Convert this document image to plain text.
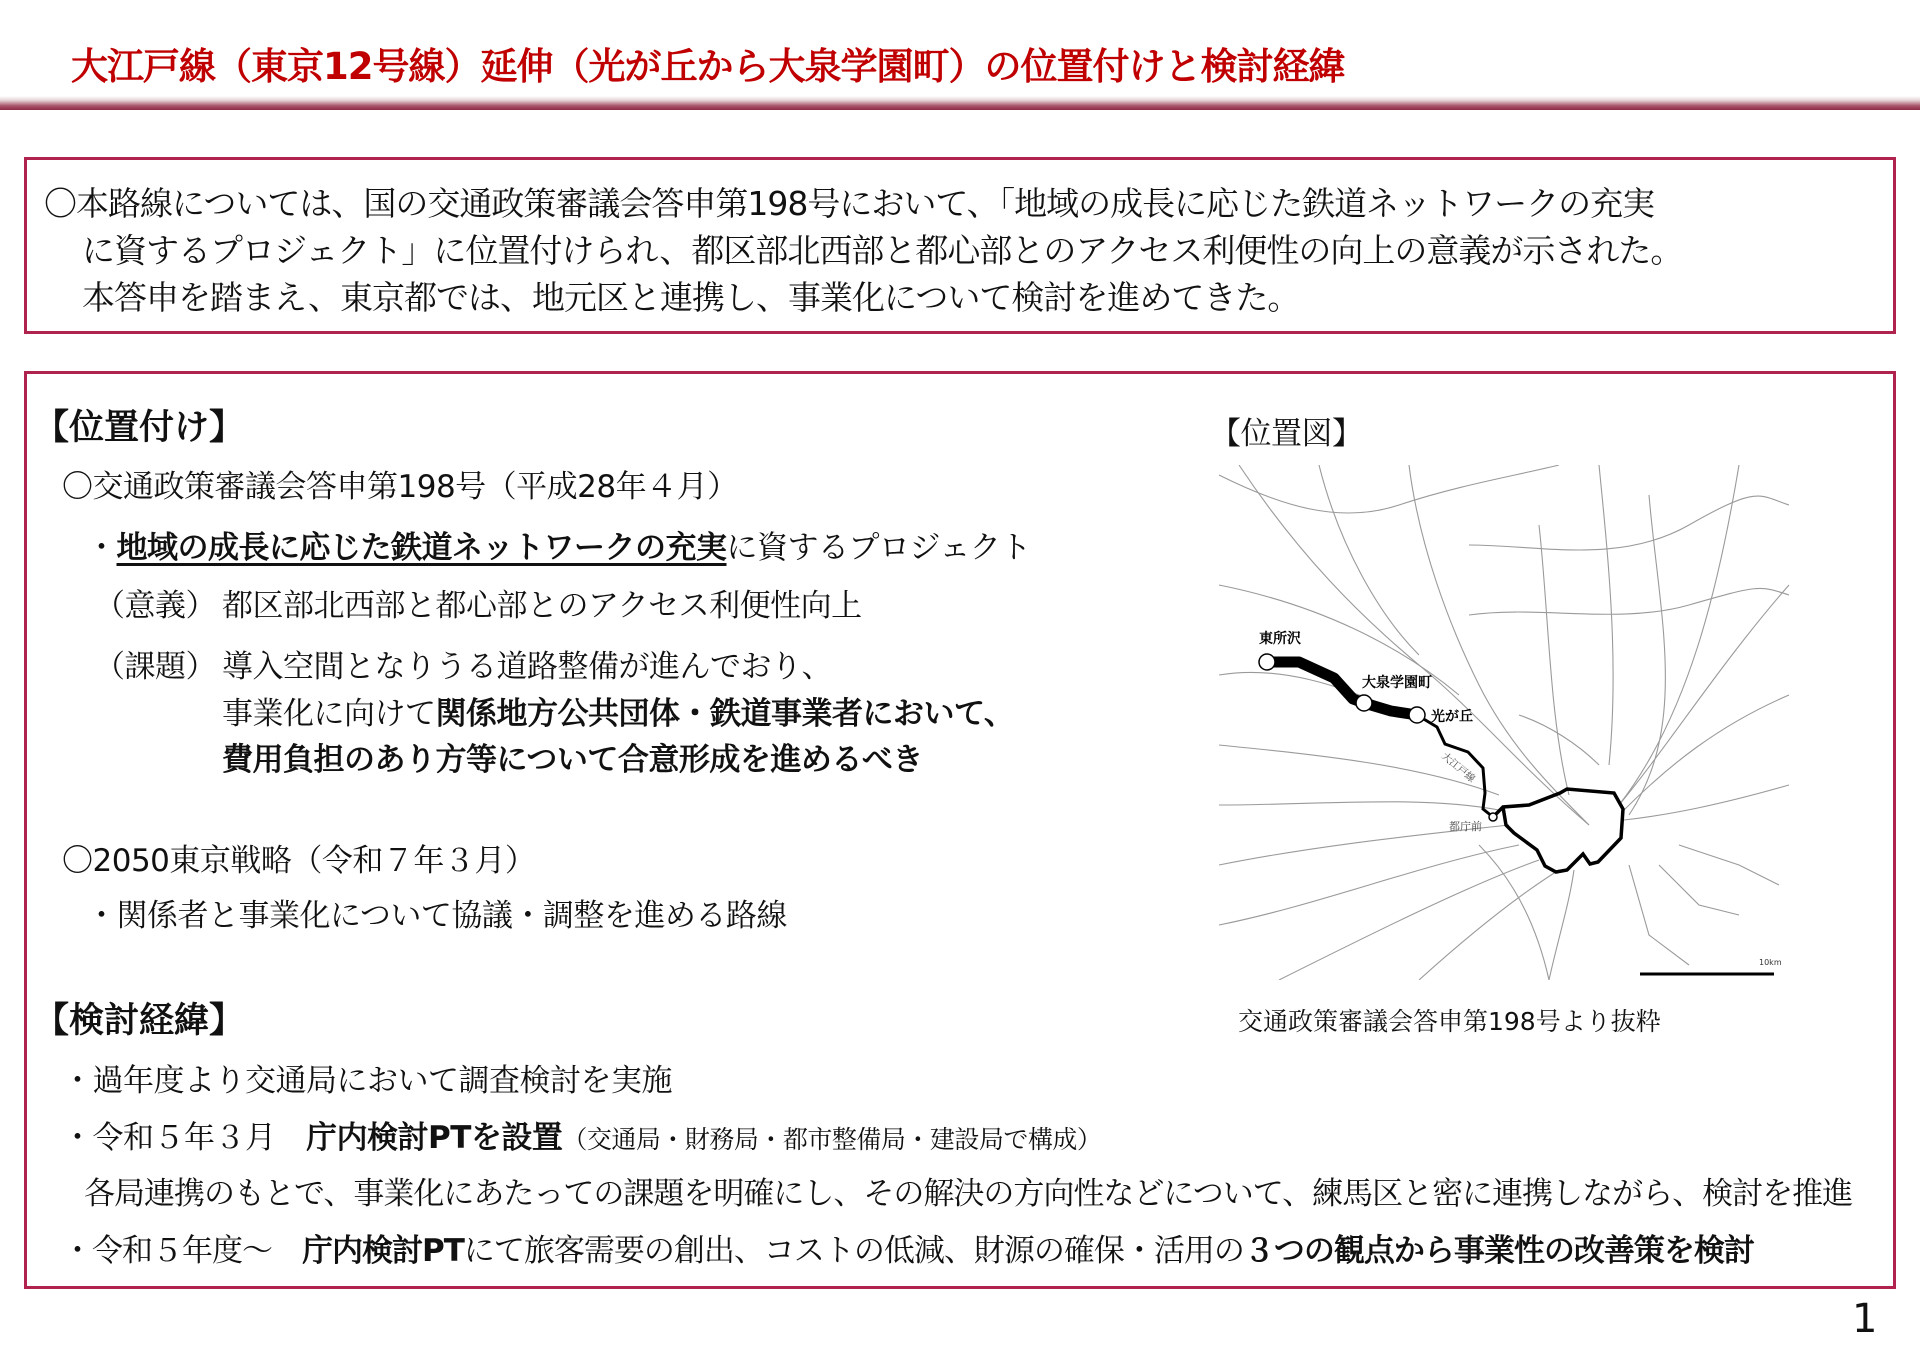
大江戸線（東京12号線）延伸（光が丘から大泉学園町）の位置付けと検討経緯
〇本路線については、国の交通政策審議会答申第198号において、「地域の成長に応じた鉄道ネットワークの充実
に資するプロジェクト」に位置付けられ、都区部北西部と都心部とのアクセス利便性の向上の意義が示された。
本答申を踏まえ、東京都では、地元区と連携し、事業化について検討を進めてきた。
【位置付け】
〇交通政策審議会答申第198号（平成28年４月）
・地域の成長に応じた鉄道ネットワークの充実に資するプロジェクト
（意義） 都区部北西部と都心部とのアクセス利便性向上
（課題） 導入空間となりうる道路整備が進んでおり、
事業化に向けて関係地方公共団体・鉄道事業者において、
費用負担のあり方等について合意形成を進めるべき
〇2050東京戦略（令和７年３月）
・関係者と事業化について協議・調整を進める路線
【位置図】
東所沢
大泉学園町
光が丘
都庁前
大江戸線
10km
交通政策審議会答申第198号より抜粋
【検討経緯】
・過年度より交通局において調査検討を実施
・令和５年３月　庁内検討PTを設置（交通局・財務局・都市整備局・建設局で構成）
各局連携のもとで、事業化にあたっての課題を明確にし、その解決の方向性などについて、練馬区と密に連携しながら、検討を推進
・令和５年度～　庁内検討PTにて旅客需要の創出、コストの低減、財源の確保・活用の３つの観点から事業性の改善策を検討
1
